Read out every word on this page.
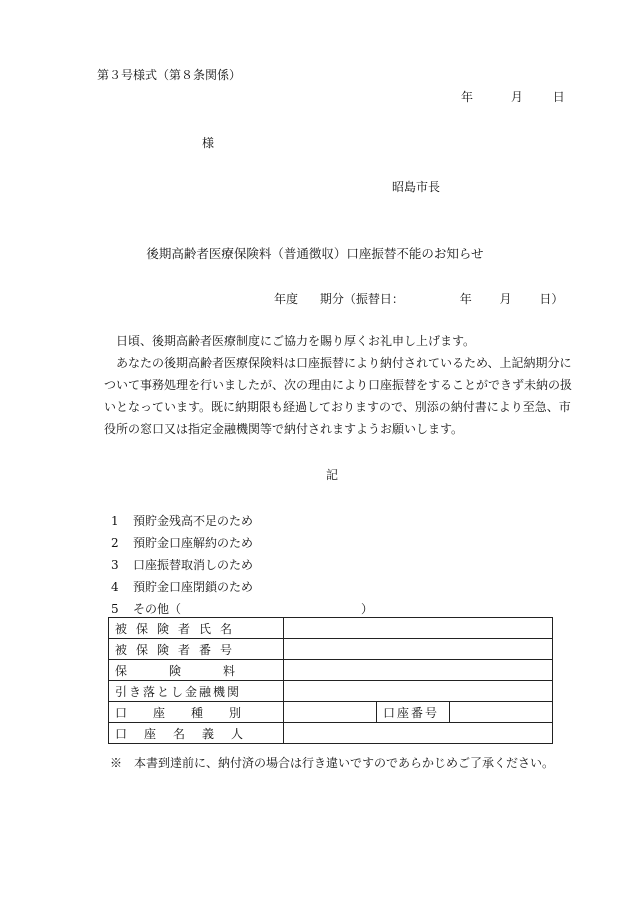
第３号様式（第８条関係）
年	月 日
様
昭島市長
後期高齢者医療保険料（普通徴収）口座振替不能のお知らせ
年度 期分（振替日：	年 月 日）

日頃、後期高齢者医療制度にご協力を賜り厚くお礼申し上げます。

あなたの後期高齢者医療保険料は口座振替により納付されているため、上記納期分について事務処理を行いましたが、次の理由により口座振替をすることができず未納の扱いとなっています。既に納期限も経過しておりますので、別添の納付書により至急、市役所の窓口又は指定金融機関等で納付されますようお願いします。

記
1 預貯金残高不足のため
2 預貯金口座解約のため
3 口座振替取消しのため
4 預貯金口座閉鎖のため
5 その他（　　　　　　　　　　　　　　　）
被保険者氏名			
被保険者番号			
保険料			
引き落とし金融機関			
口座種別		口座番号	
口座名義人			
※　本書到達前に、納付済の場合は行き違いですのであらかじめご了承ください。
